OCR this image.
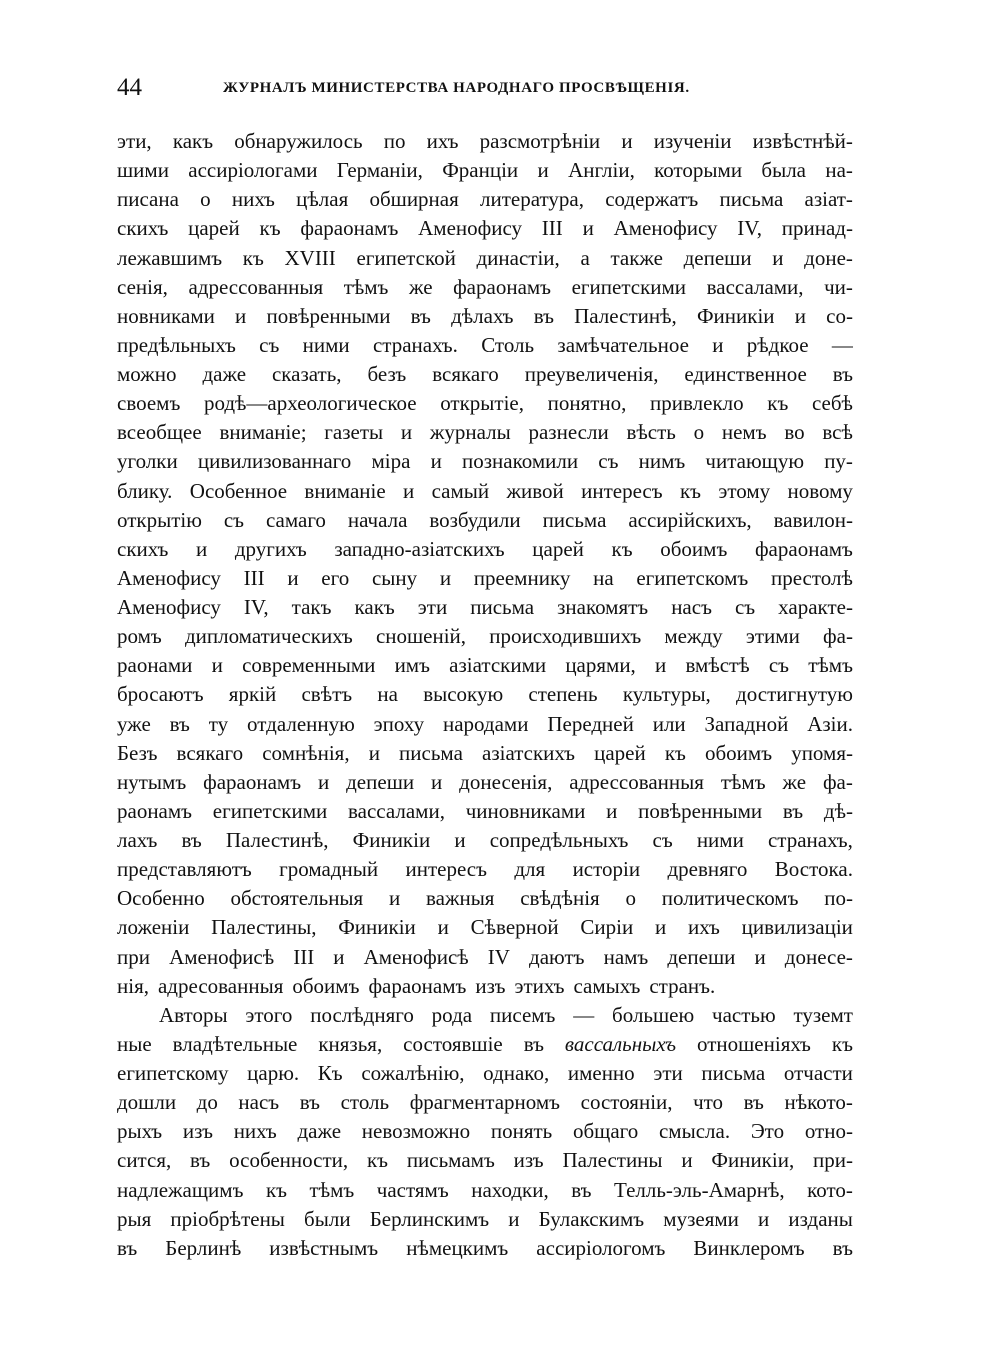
44	ЖУРНАЛЪ МИНИСТЕРСТВА НАРОДНАГО ПРОСВѢЩЕНІЯ.
эти, какъ обнаружилось по ихъ разсмотрѣніи и изученіи извѣстнѣй-
шими ассиріологами Германіи, Франціи и Англіи, которыми была на-
писана о нихъ цѣлая обширная литература, содержатъ письма азіат-
скихъ царей къ фараонамъ Аменофису III и Аменофису IV, принад-
лежавшимъ къ XVIII египетской династіи, а также депеши и доне-
сенія, адрессованныя тѣмъ же фараонамъ египетскими вассалами, чи-
новниками и повѣренными въ дѣлахъ въ Палестинѣ, Финикіи и со-
предѣльныхъ съ ними странахъ. Столь замѣчательное и рѣдкое —
можно даже сказать, безъ всякаго преувеличенія, единственное въ
своемъ родѣ—археологическое открытіе, понятно, привлекло къ себѣ
всеобщее вниманіе; газеты и журналы разнесли вѣсть о немъ во всѣ
уголки цивилизованнаго міра и познакомили съ нимъ читающую пу-
блику. Особенное вниманіе и самый живой интересъ къ этому новому
открытію съ самаго начала возбудили письма ассирійскихъ, вавилон-
скихъ и другихъ западно-азіатскихъ царей къ обоимъ фараонамъ
Аменофису III и его сыну и преемнику на египетскомъ престолѣ
Аменофису IV, такъ какъ эти письма знакомятъ насъ съ характе-
ромъ дипломатическихъ сношеній, происходившихъ между этими фа-
раонами и современными имъ азіатскими царями, и вмѣстѣ съ тѣмъ
бросаютъ яркій свѣтъ на высокую степень культуры, достигнутую
уже въ ту отдаленную эпоху народами Передней или Западной Азіи.
Безъ всякаго сомнѣнія, и письма азіатскихъ царей къ обоимъ упомя-
нутымъ фараонамъ и депеши и донесенія, адрессованныя тѣмъ же фа-
раонамъ египетскими вассалами, чиновниками и повѣренными въ дѣ-
лахъ въ Палестинѣ, Финикіи и сопредѣльныхъ съ ними странахъ,
представляютъ громадный интересъ для исторіи древняго Востока.
Особенно обстоятельныя и важныя свѣдѣнія о политическомъ по-
ложеніи Палестины, Финикіи и Сѣверной Сиріи и ихъ цивилизаціи
при Аменофисѣ III и Аменофисѣ IV даютъ намъ депеши и донесе-
нія, адресованныя обоимъ фараонамъ изъ этихъ самыхъ странъ.
Авторы этого послѣдняго рода писемъ — большею частью туземт
ные владѣтельные князья, состоявшіе въ вассальныхъ отношеніяхъ къ
египетскому царю. Къ сожалѣнію, однако, именно эти письма отчасти
дошли до насъ въ столь фрагментарномъ состояніи, что въ нѣкото-
рыхъ изъ нихъ даже невозможно понять общаго смысла. Это отно-
сится, въ особенности, къ письмамъ изъ Палестины и Финикіи, при-
надлежащимъ къ тѣмъ частямъ находки, въ Телль-эль-Амарнѣ, кото-
рыя пріобрѣтены были Берлинскимъ и Булакскимъ музеями и изданы
въ Берлинѣ извѣстнымъ нѣмецкимъ ассиріологомъ Винклеромъ въ
